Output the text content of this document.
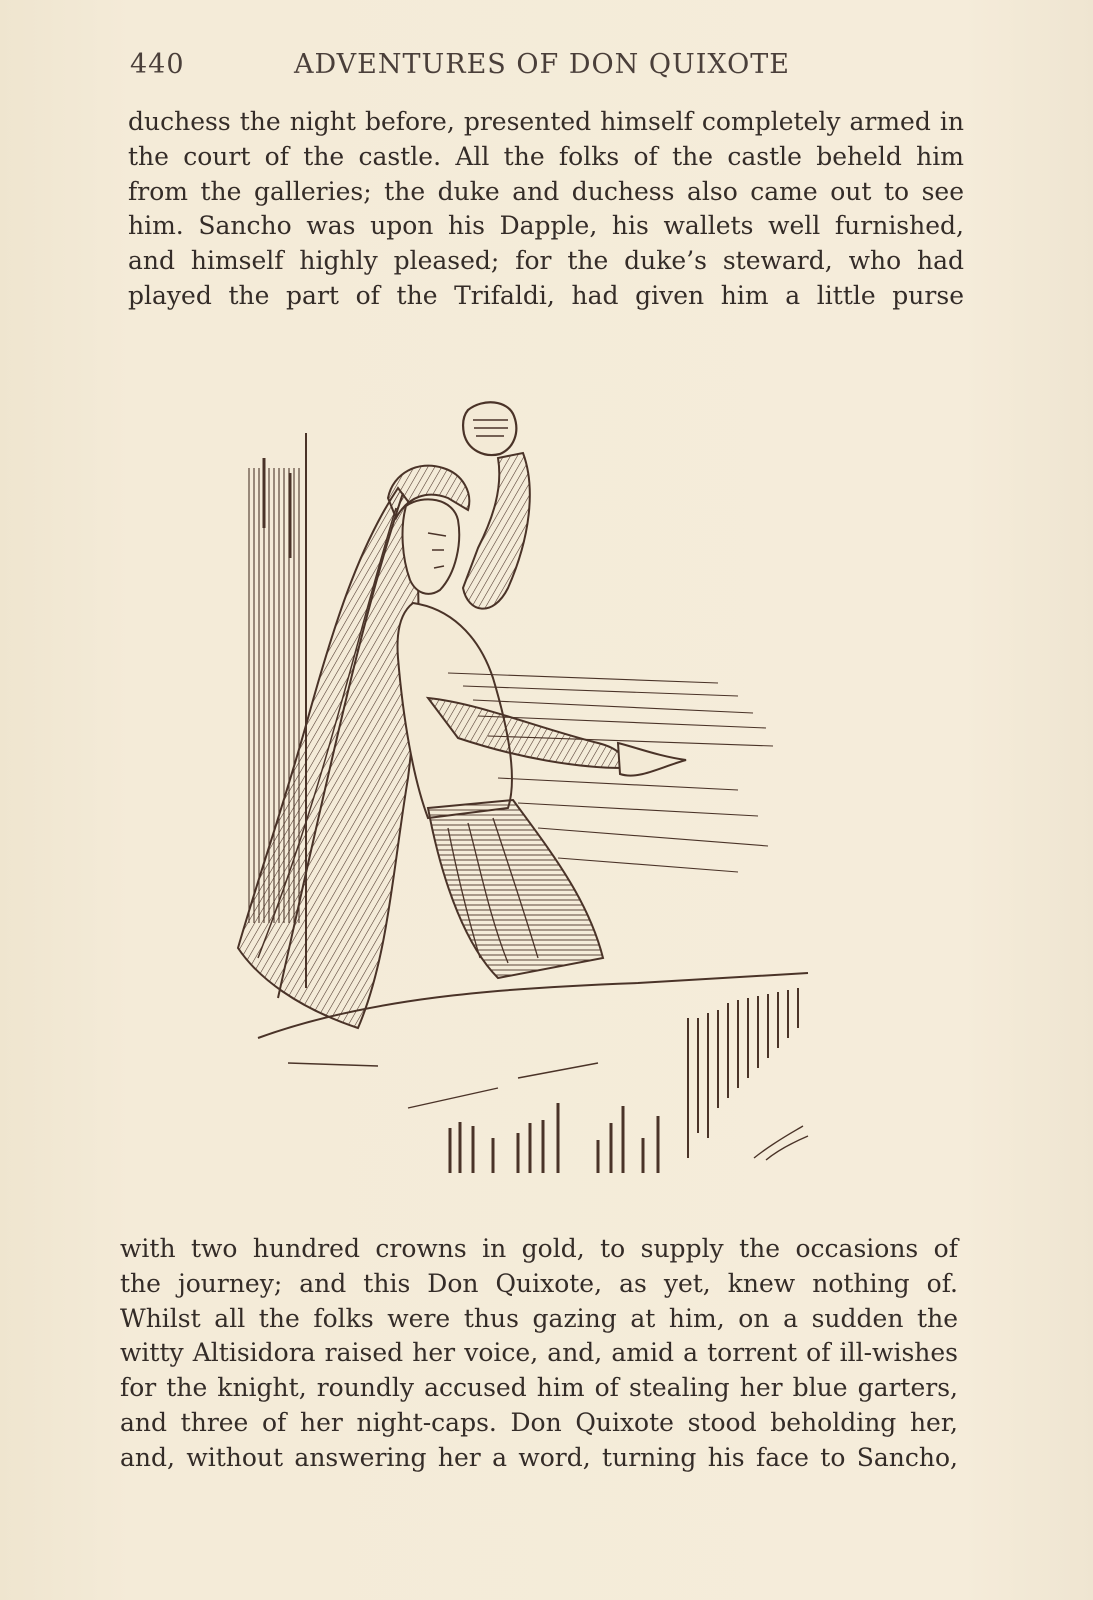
440	ADVENTURES OF DON QUIXOTE
duchess the night before, presented himself completely armed in
the court of the castle. All the folks of the castle beheld him
from the galleries; the duke and duchess also came out to see
him. Sancho was upon his Dapple, his wallets well furnished,
and himself highly pleased; for the duke’s steward, who had
played the part of the Trifaldi, had given him a little purse
with two hundred crowns in gold, to supply the occasions of
the journey; and this Don Quixote, as yet, knew nothing of.
Whilst all the folks were thus gazing at him, on a sudden the
witty Altisidora raised her voice, and, amid a torrent of ill-wishes
for the knight, roundly accused him of stealing her blue garters,
and three of her night-caps. Don Quixote stood beholding her,
and, without answering her a word, turning his face to Sancho,
